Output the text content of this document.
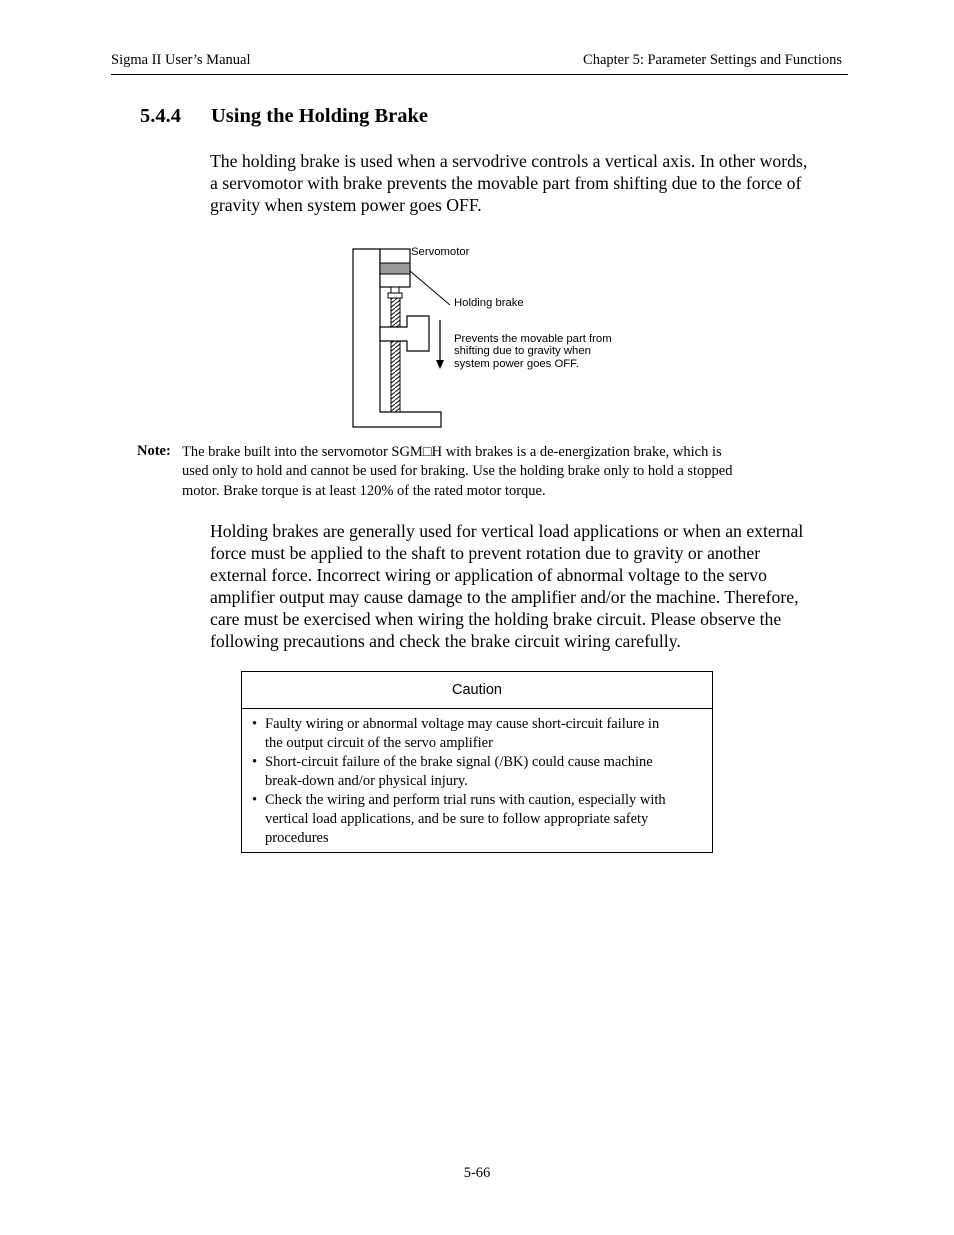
Sigma II User’s Manual	Chapter 5: Parameter Settings and Functions
5.4.4 Using the Holding Brake
The holding brake is used when a servodrive controls a vertical axis. In other words,
a servomotor with brake prevents the movable part from shifting due to the force of
gravity when system power goes OFF.
Servomotor
Holding brake
Prevents the movable part from
shifting due to gravity when
system power goes OFF.
Note: The brake built into the servomotor SGM□H with brakes is a de-energization brake, which is
used only to hold and cannot be used for braking. Use the holding brake only to hold a stopped
motor. Brake torque is at least 120% of the rated motor torque.
Holding brakes are generally used for vertical load applications or when an external
force must be applied to the shaft to prevent rotation due to gravity or another
external force. Incorrect wiring or application of abnormal voltage to the servo
amplifier output may cause damage to the amplifier and/or the machine. Therefore,
care must be exercised when wiring the holding brake circuit. Please observe the
following precautions and check the brake circuit wiring carefully.
Caution
• Faulty wiring or abnormal voltage may cause short-circuit failure in
the output circuit of the servo amplifier
• Short-circuit failure of the brake signal (/BK) could cause machine
break-down and/or physical injury.
• Check the wiring and perform trial runs with caution, especially with
vertical load applications, and be sure to follow appropriate safety
procedures
5-66
